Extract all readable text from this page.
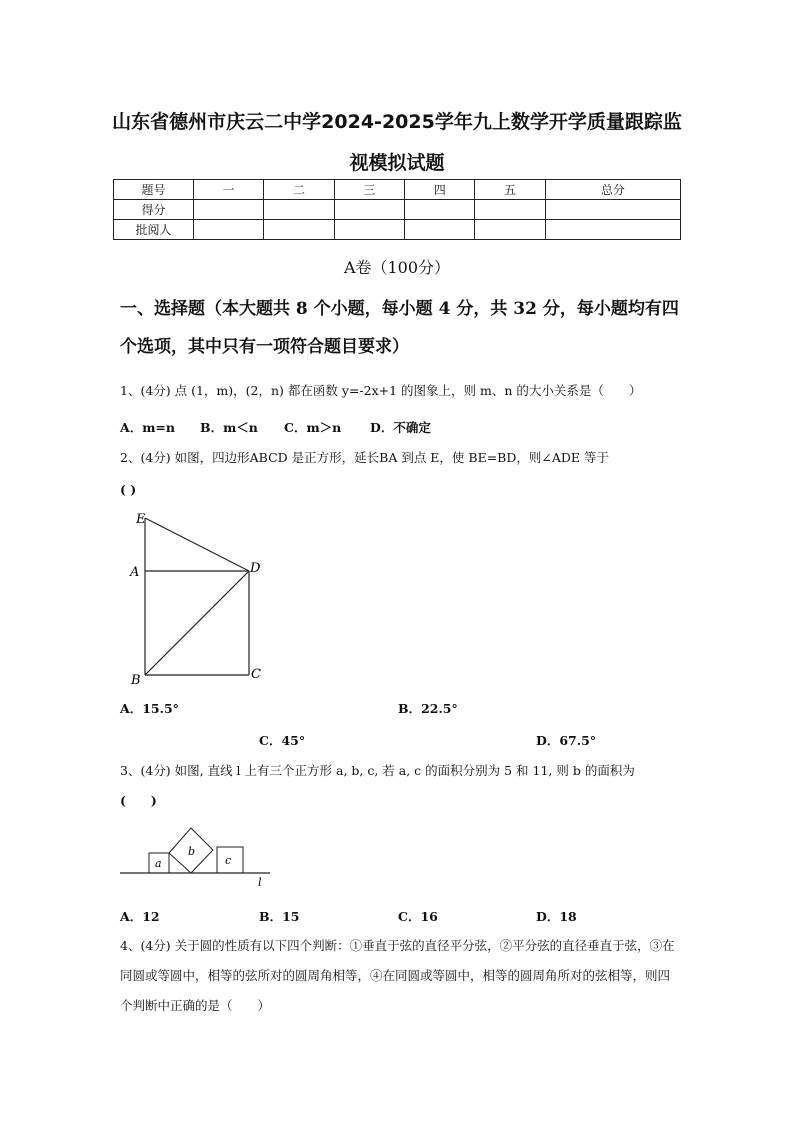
山东省德州市庆云二中学2024-2025学年九上数学开学质量跟踪监
视模拟试题
题号	一	二	三	四	五	总分
得分						
批阅人						
A卷（100分）
一、选择题（本大题共 8 个小题，每小题 4 分，共 32 分，每小题均有四个选项，其中只有一项符合题目要求）
1、(4分) 点 (1，m)，(2，n) 都在函数 y=-2x+1 的图象上，则 m、n 的大小关系是（　　）
A．m=n B．m＜n C．m＞n D．不确定
2、(4分) 如图，四边形ABCD 是正方形，延长BA 到点 E，使 BE=BD，则∠ADE 等于
( )
E
A	D
B	C
A．15.5°	B．22.5°
C．45°	D．67.5°
3、(4分) 如图, 直线 l 上有三个正方形 a, b, c, 若 a, c 的面积分别为 5 和 11, 则 b 的面积为
(　　)
a
b
c
l
A．12	B．15	C．16	D．18
4、(4分) 关于圆的性质有以下四个判断：①垂直于弦的直径平分弦，②平分弦的直径垂直于弦，③在同圆或等圆中，相等的弦所对的圆周角相等，④在同圆或等圆中，相等的圆周角所对的弦相等，则四个判断中正确的是（　　）
